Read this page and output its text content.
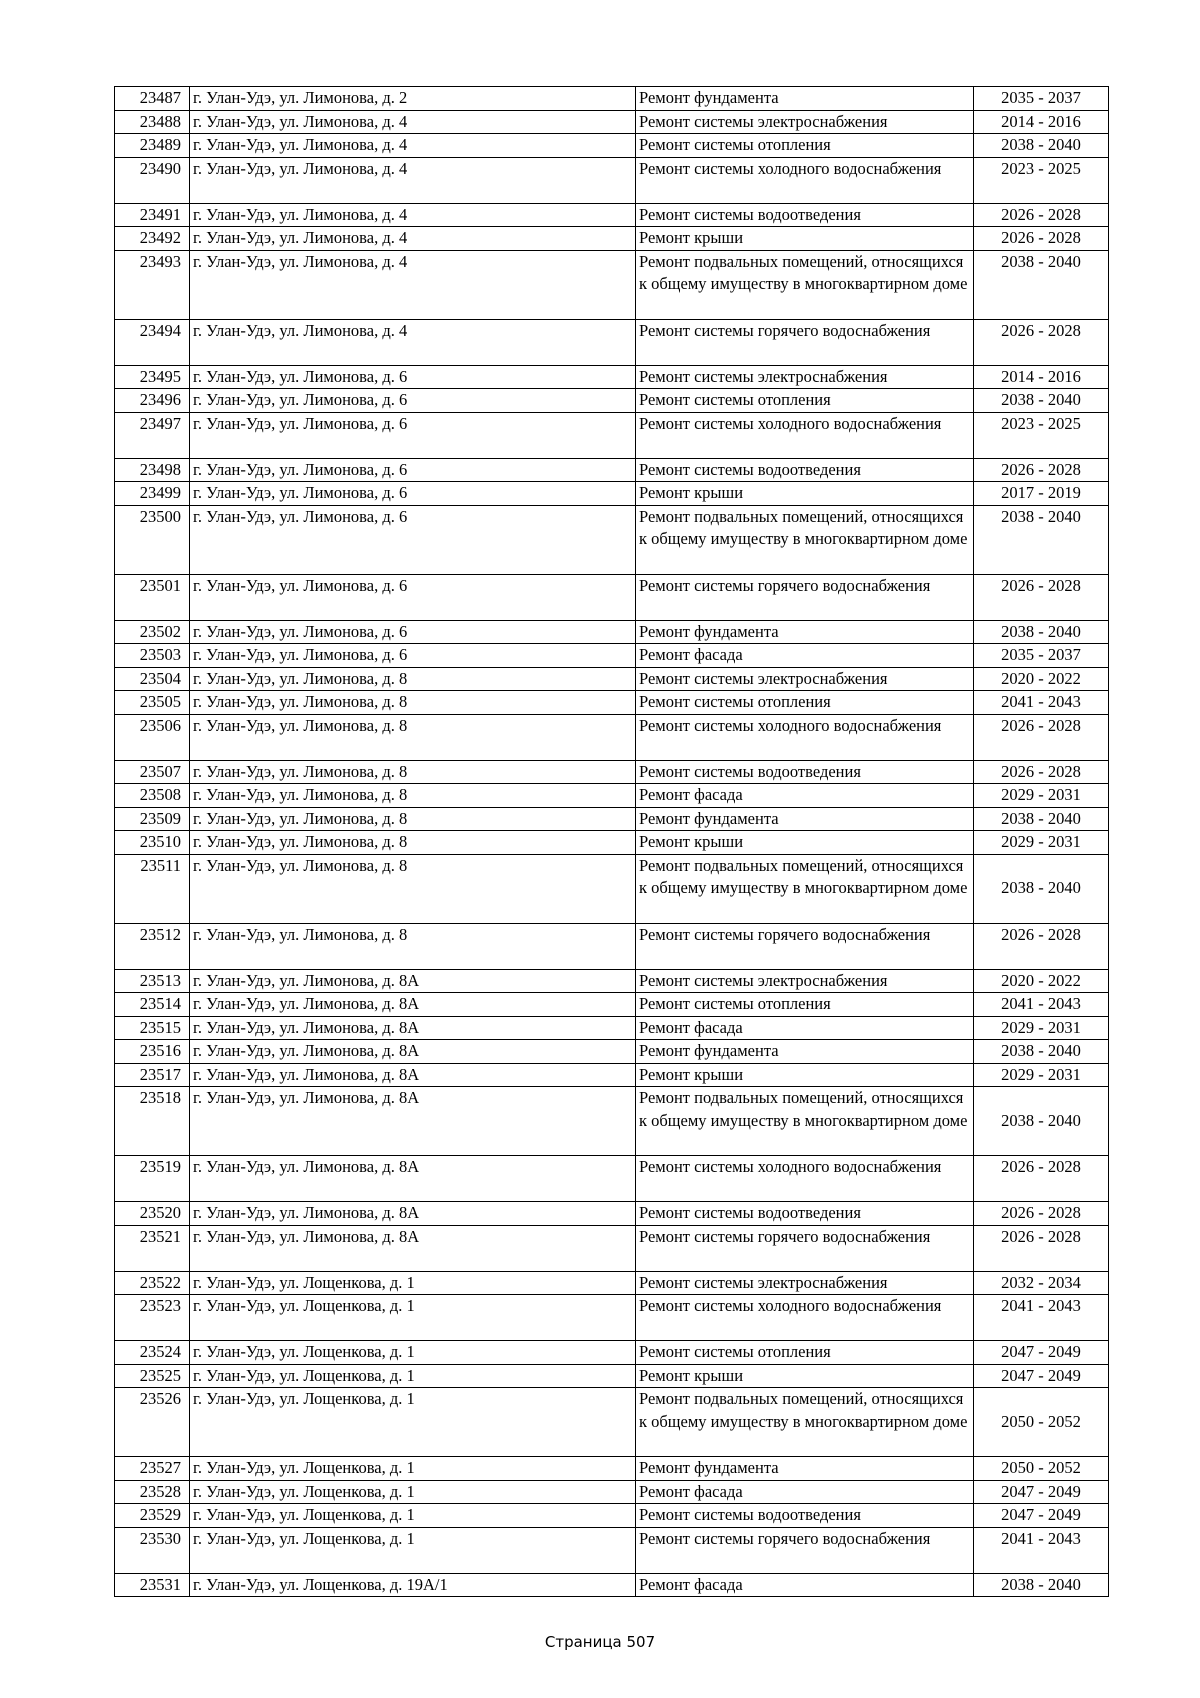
23487	г. Улан-Удэ, ул. Лимонова, д. 2	Ремонт фундамента	2035 - 2037
23488	г. Улан-Удэ, ул. Лимонова, д. 4	Ремонт системы электроснабжения	2014 - 2016
23489	г. Улан-Удэ, ул. Лимонова, д. 4	Ремонт системы отопления	2038 - 2040
23490	г. Улан-Удэ, ул. Лимонова, д. 4	Ремонт системы холодного водоснабжения	2023 - 2025
23491	г. Улан-Удэ, ул. Лимонова, д. 4	Ремонт системы водоотведения	2026 - 2028
23492	г. Улан-Удэ, ул. Лимонова, д. 4	Ремонт крыши	2026 - 2028
23493	г. Улан-Удэ, ул. Лимонова, д. 4	Ремонт подвальных помещений, относящихся к общему имуществу в многоквартирном доме	2038 - 2040
23494	г. Улан-Удэ, ул. Лимонова, д. 4	Ремонт системы горячего водоснабжения	2026 - 2028
23495	г. Улан-Удэ, ул. Лимонова, д. 6	Ремонт системы электроснабжения	2014 - 2016
23496	г. Улан-Удэ, ул. Лимонова, д. 6	Ремонт системы отопления	2038 - 2040
23497	г. Улан-Удэ, ул. Лимонова, д. 6	Ремонт системы холодного водоснабжения	2023 - 2025
23498	г. Улан-Удэ, ул. Лимонова, д. 6	Ремонт системы водоотведения	2026 - 2028
23499	г. Улан-Удэ, ул. Лимонова, д. 6	Ремонт крыши	2017 - 2019
23500	г. Улан-Удэ, ул. Лимонова, д. 6	Ремонт подвальных помещений, относящихся к общему имуществу в многоквартирном доме	2038 - 2040
23501	г. Улан-Удэ, ул. Лимонова, д. 6	Ремонт системы горячего водоснабжения	2026 - 2028
23502	г. Улан-Удэ, ул. Лимонова, д. 6	Ремонт фундамента	2038 - 2040
23503	г. Улан-Удэ, ул. Лимонова, д. 6	Ремонт фасада	2035 - 2037
23504	г. Улан-Удэ, ул. Лимонова, д. 8	Ремонт системы электроснабжения	2020 - 2022
23505	г. Улан-Удэ, ул. Лимонова, д. 8	Ремонт системы отопления	2041 - 2043
23506	г. Улан-Удэ, ул. Лимонова, д. 8	Ремонт системы холодного водоснабжения	2026 - 2028
23507	г. Улан-Удэ, ул. Лимонова, д. 8	Ремонт системы водоотведения	2026 - 2028
23508	г. Улан-Удэ, ул. Лимонова, д. 8	Ремонт фасада	2029 - 2031
23509	г. Улан-Удэ, ул. Лимонова, д. 8	Ремонт фундамента	2038 - 2040
23510	г. Улан-Удэ, ул. Лимонова, д. 8	Ремонт крыши	2029 - 2031
23511	г. Улан-Удэ, ул. Лимонова, д. 8	Ремонт подвальных помещений, относящихся к общему имуществу в многоквартирном доме	2038 - 2040
23512	г. Улан-Удэ, ул. Лимонова, д. 8	Ремонт системы горячего водоснабжения	2026 - 2028
23513	г. Улан-Удэ, ул. Лимонова, д. 8А	Ремонт системы электроснабжения	2020 - 2022
23514	г. Улан-Удэ, ул. Лимонова, д. 8А	Ремонт системы отопления	2041 - 2043
23515	г. Улан-Удэ, ул. Лимонова, д. 8А	Ремонт фасада	2029 - 2031
23516	г. Улан-Удэ, ул. Лимонова, д. 8А	Ремонт фундамента	2038 - 2040
23517	г. Улан-Удэ, ул. Лимонова, д. 8А	Ремонт крыши	2029 - 2031
23518	г. Улан-Удэ, ул. Лимонова, д. 8А	Ремонт подвальных помещений, относящихся к общему имуществу в многоквартирном доме	2038 - 2040
23519	г. Улан-Удэ, ул. Лимонова, д. 8А	Ремонт системы холодного водоснабжения	2026 - 2028
23520	г. Улан-Удэ, ул. Лимонова, д. 8А	Ремонт системы водоотведения	2026 - 2028
23521	г. Улан-Удэ, ул. Лимонова, д. 8А	Ремонт системы горячего водоснабжения	2026 - 2028
23522	г. Улан-Удэ, ул. Лощенкова, д. 1	Ремонт системы электроснабжения	2032 - 2034
23523	г. Улан-Удэ, ул. Лощенкова, д. 1	Ремонт системы холодного водоснабжения	2041 - 2043
23524	г. Улан-Удэ, ул. Лощенкова, д. 1	Ремонт системы отопления	2047 - 2049
23525	г. Улан-Удэ, ул. Лощенкова, д. 1	Ремонт крыши	2047 - 2049
23526	г. Улан-Удэ, ул. Лощенкова, д. 1	Ремонт подвальных помещений, относящихся к общему имуществу в многоквартирном доме	2050 - 2052
23527	г. Улан-Удэ, ул. Лощенкова, д. 1	Ремонт фундамента	2050 - 2052
23528	г. Улан-Удэ, ул. Лощенкова, д. 1	Ремонт фасада	2047 - 2049
23529	г. Улан-Удэ, ул. Лощенкова, д. 1	Ремонт системы водоотведения	2047 - 2049
23530	г. Улан-Удэ, ул. Лощенкова, д. 1	Ремонт системы горячего водоснабжения	2041 - 2043
23531	г. Улан-Удэ, ул. Лощенкова, д. 19А/1	Ремонт фасада	2038 - 2040
Страница 507
